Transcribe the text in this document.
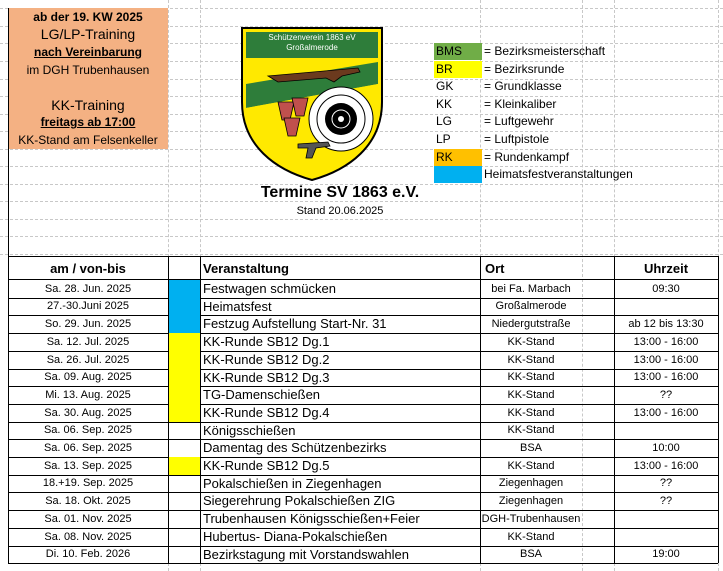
ab der 19. KW 2025
LG/LP-Training
nach Vereinbarung
im DGH Trubenhausen
KK-Training
freitags ab 17:00
KK-Stand am Felsenkeller
Schützenverein 1863 eV
Großalmerode	BMS	= Bezirksmeisterschaft
BR	= Bezirksrunde
GK	= Grundklasse
KK	= Kleinkaliber
LG	= Luftgewehr
LP	= Luftpistole
RK	= Rundenkampf
Heimatsfestveranstaltungen
Termine SV 1863 e.V.
Stand 20.06.2025
am / von-bis	Veranstaltung	Ort	Uhrzeit
Sa. 28. Jun. 2025	Festwagen schmücken	bei Fa. Marbach	09:30
27.-30.Juni 2025	Heimatsfest	Großalmerode
So. 29. Jun. 2025	Festzug Aufstellung Start-Nr. 31	Niedergutstraße	ab 12 bis 13:30
Sa. 12. Jul. 2025	KK-Runde SB12 Dg.1	KK-Stand	13:00 - 16:00
Sa. 26. Jul. 2025	KK-Runde SB12 Dg.2	KK-Stand	13:00 - 16:00
Sa. 09. Aug. 2025	KK-Runde SB12 Dg.3	KK-Stand	13:00 - 16:00
Mi. 13. Aug. 2025	TG-Damenschießen	KK-Stand	??
Sa. 30. Aug. 2025	KK-Runde SB12 Dg.4	KK-Stand	13:00 - 16:00
Sa. 06. Sep. 2025	Königsschießen	KK-Stand
Sa. 06. Sep. 2025	Damentag des Schützenbezirks	BSA	10:00
Sa. 13. Sep. 2025	KK-Runde SB12 Dg.5	KK-Stand	13:00 - 16:00
18.+19. Sep. 2025	Pokalschießen in Ziegenhagen	Ziegenhagen	??
Sa. 18. Okt. 2025	Siegerehrung Pokalschießen ZIG	Ziegenhagen	??
Sa. 01. Nov. 2025	Trubenhausen Königsschießen+Feier	DGH-Trubenhausen
Sa. 08. Nov. 2025	Hubertus- Diana-Pokalschießen	KK-Stand
Di. 10. Feb. 2026	Bezirkstagung mit Vorstandswahlen	BSA	19:00
